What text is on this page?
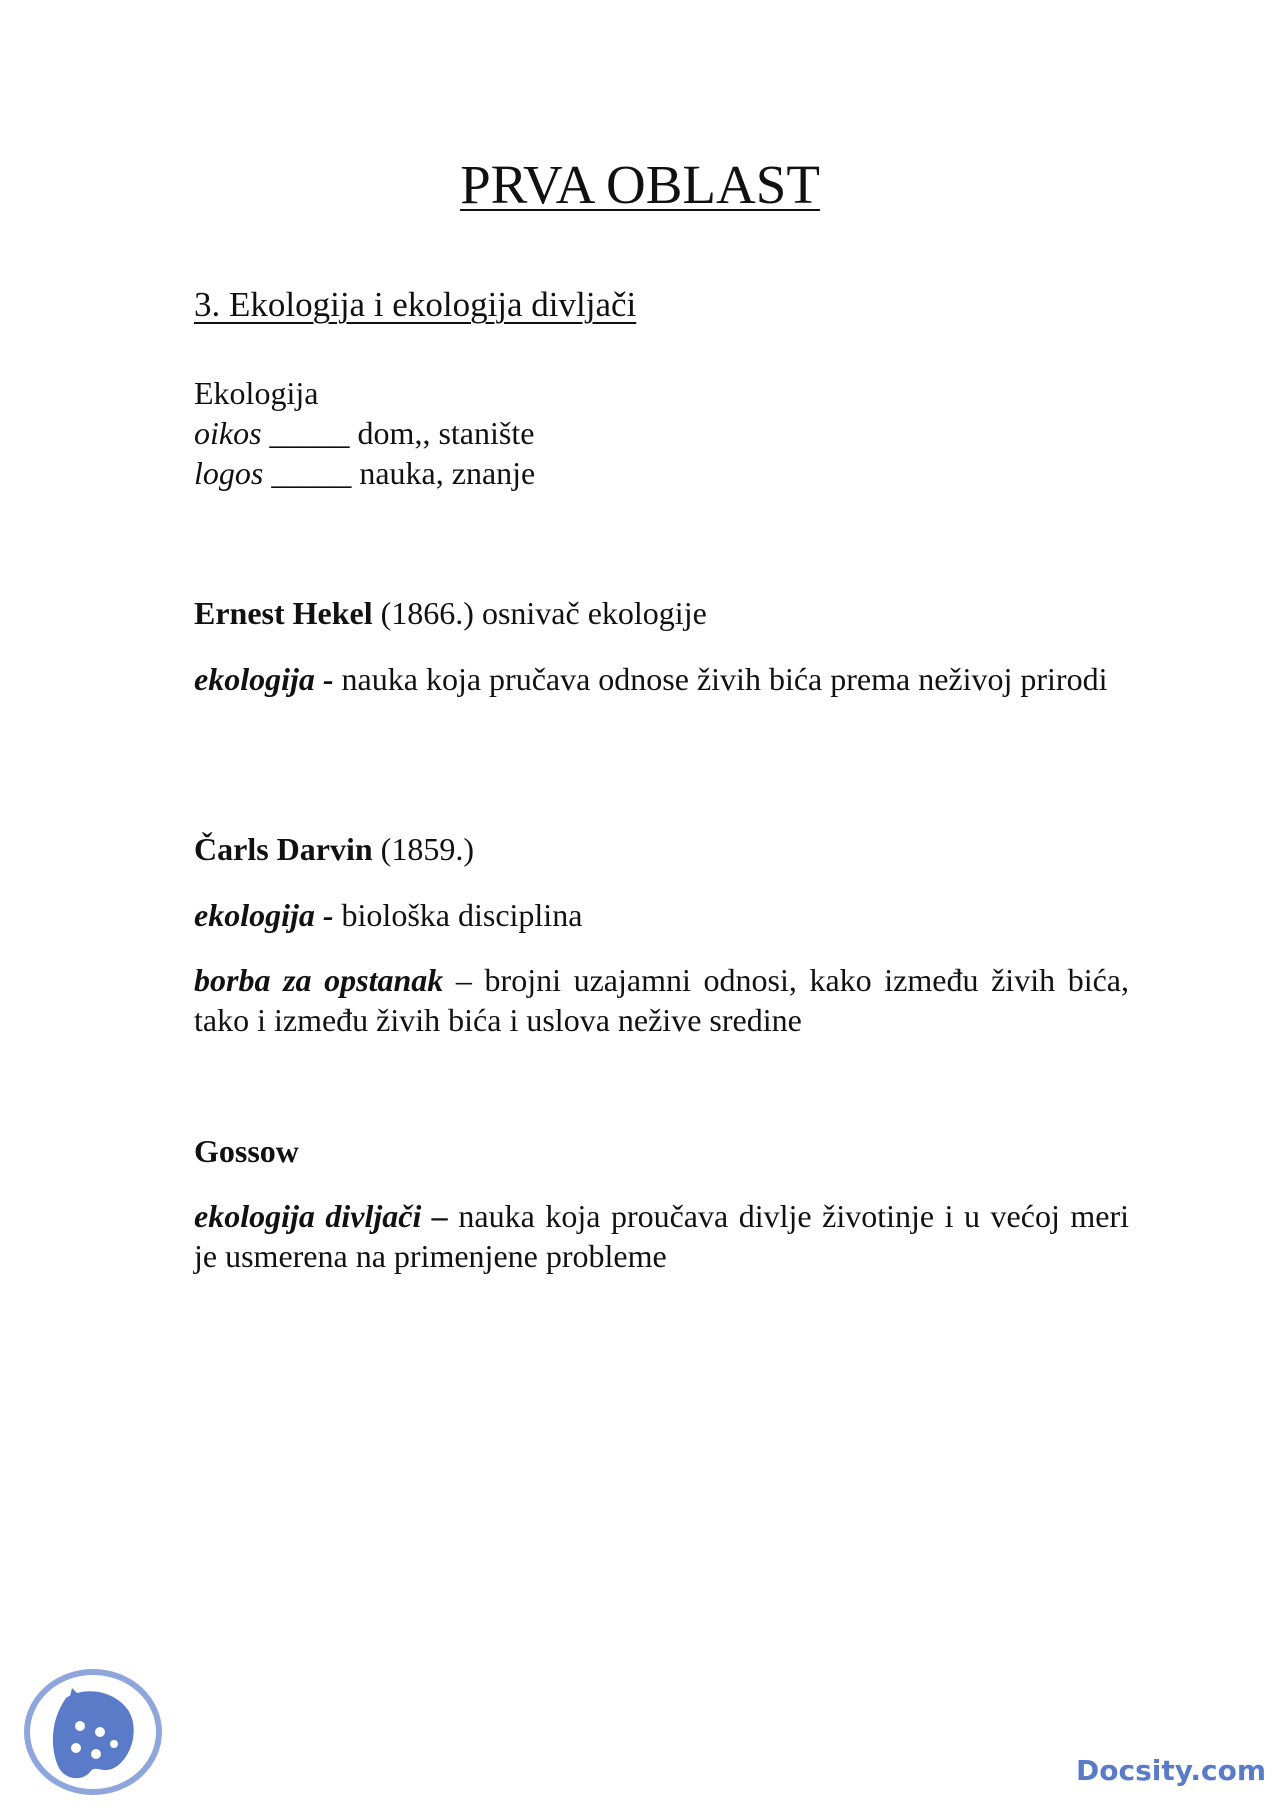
PRVA OBLAST
3. Ekologija i ekologija divljači
Ekologija
oikos _____ dom,, stanište
logos _____ nauka, znanje
Ernest Hekel (1866.) osnivač ekologije
ekologija - nauka koja pručava odnose živih bića prema neživoj prirodi
Čarls Darvin (1859.)
ekologija - biološka disciplina
borba za opstanak – brojni uzajamni odnosi, kako između živih bića, tako i između živih bića i uslova nežive sredine
Gossow
ekologija divljači – nauka koja proučava divlje životinje i u većoj meri je usmerena na primenjene probleme
Docsity.com
